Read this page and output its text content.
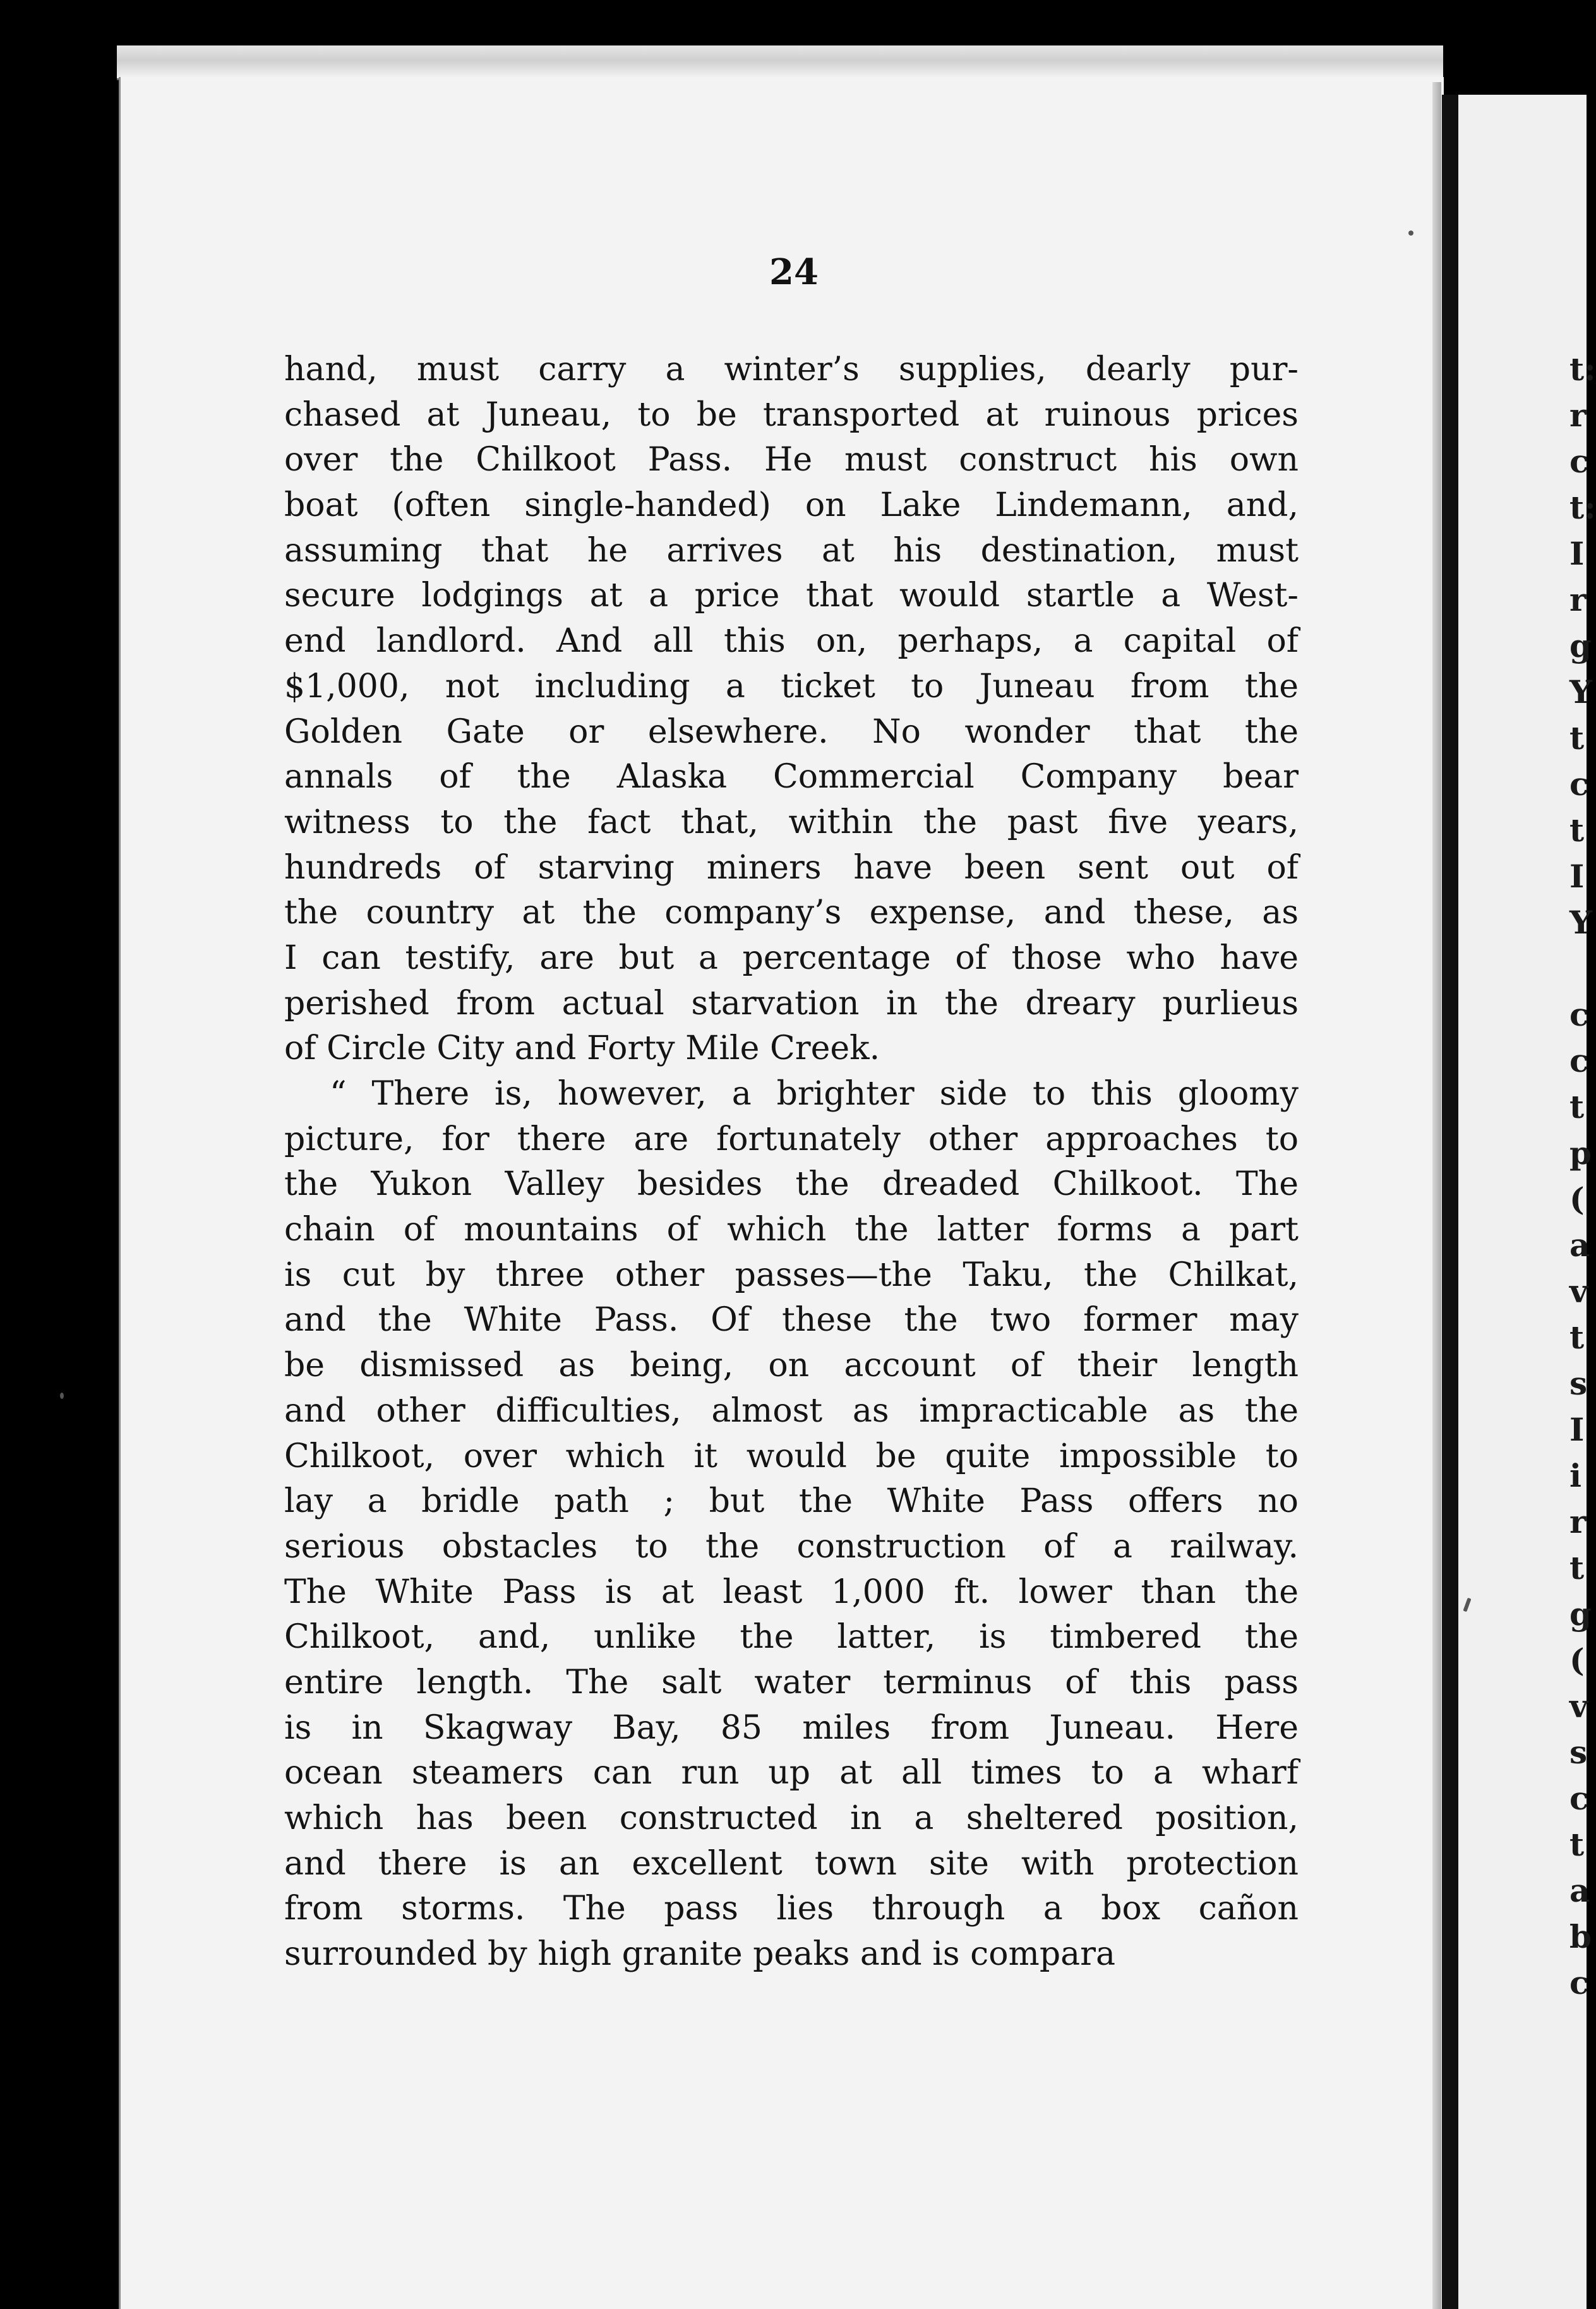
t:
r
c
t:
I
r
g
Y
t
c
t
I
Y
c
c
t
p
(
a
v
t
s
I
i
r
t
g
(
v
s
c
t
a
b
c
24
hand, must carry a winter’s supplies, dearly pur-
chased at Juneau, to be transported at ruinous prices
over the Chilkoot Pass. He must construct his own
boat (often single-handed) on Lake Lindemann, and,
assuming that he arrives at his destination, must
secure lodgings at a price that would startle a West-
end landlord. And all this on, perhaps, a capital of
$1,000, not including a ticket to Juneau from the
Golden Gate or elsewhere. No wonder that the
annals of the Alaska Commercial Company bear
witness to the fact that, within the past five years,
hundreds of starving miners have been sent out of
the country at the company’s expense, and these, as
I can testify, are but a percentage of those who have
perished from actual starvation in the dreary purlieus
of Circle City and Forty Mile Creek.
“ There is, however, a brighter side to this gloomy
picture, for there are fortunately other approaches to
the Yukon Valley besides the dreaded Chilkoot. The
chain of mountains of which the latter forms a part
is cut by three other passes—the Taku, the Chilkat,
and the White Pass. Of these the two former may
be dismissed as being, on account of their length
and other difficulties, almost as impracticable as the
Chilkoot, over which it would be quite impossible to
lay a bridle path ; but the White Pass offers no
serious obstacles to the construction of a railway.
The White Pass is at least 1,000 ft. lower than the
Chilkoot, and, unlike the latter, is timbered the
entire length. The salt water terminus of this pass
is in Skagway Bay, 85 miles from Juneau. Here
ocean steamers can run up at all times to a wharf
which has been constructed in a sheltered position,
and there is an excellent town site with protection
from storms. The pass lies through a box cañon
surrounded by high granite peaks and is compara
